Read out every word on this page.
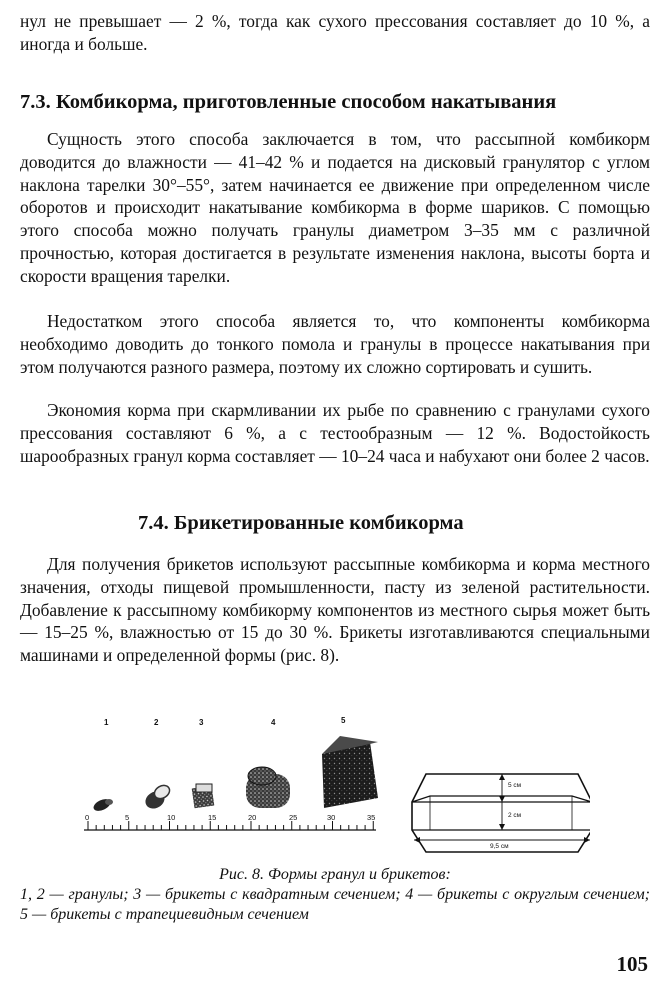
нул не превышает — 2 %, тогда как сухого прессования составляет до 10 %, а иногда и больше.

7.3. Комбикорма, приготовленные способом накатывания

Сущность этого способа заключается в том, что рассыпной комбикорм доводится до влажности — 41–42 % и подается на дисковый гранулятор с углом наклона тарелки 30°–55°, затем начинается ее движение при определенном числе оборотов и происходит накатывание комбикорма в форме шариков. С помощью этого способа можно получать гранулы диаметром 3–35 мм с различной прочностью, которая достигается в результате изменения наклона, высоты борта и скорости вращения тарелки.

Недостатком этого способа является то, что компоненты комбикорма необходимо доводить до тонкого помола и гранулы в процессе накатывания при этом получаются разного размера, поэтому их сложно сортировать и сушить.

Экономия корма при скармливании их рыбе по сравнению с гранулами сухого прессования составляют 6 %, а с тестообразным — 12 %. Водостойкость шарообразных гранул корма составляет — 10–24 часа и набухают они более 2 часов.

7.4. Брикетированные комбикорма

Для получения брикетов используют рассыпные комбикорма и корма местного значения, отходы пищевой промышленности, пасту из зеленой растительности. Добавление к рассыпному комбикорму компонентов из местного сырья может быть — 15–25 %, влажностью от 15 до 30 %. Брикеты изготавливаются специальными машинами и определенной формы (рис. 8).

1	2	3	4	5
0	5	10	15	20	25	30	35
5 см
2 см
9,5 см

Рис. 8. Формы гранул и брикетов:

1, 2 — гранулы; 3 — брикеты с квадратным сечением; 4 — брикеты с округлым сечением; 5 — брикеты с трапециевидным сечением

105
